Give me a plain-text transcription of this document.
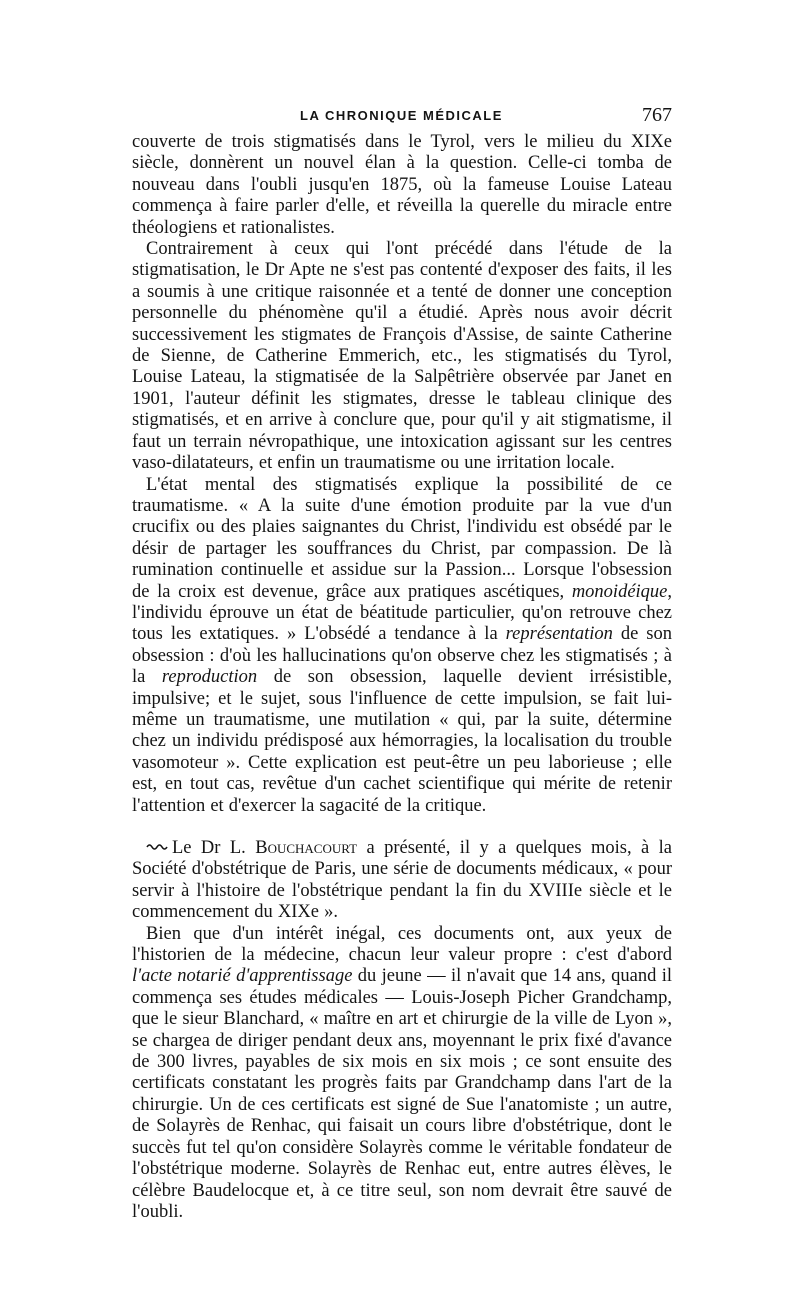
LA CHRONIQUE MÉDICALE	767

couverte de trois stigmatisés dans le Tyrol, vers le milieu du XIXe siècle, donnèrent un nouvel élan à la question. Celle-ci tomba de nouveau dans l'oubli jusqu'en 1875, où la fameuse Louise Lateau commença à faire parler d'elle, et réveilla la querelle du miracle entre théologiens et rationalistes.

Contrairement à ceux qui l'ont précédé dans l'étude de la stigmatisation, le Dr Apte ne s'est pas contenté d'exposer des faits, il les a soumis à une critique raisonnée et a tenté de donner une conception personnelle du phénomène qu'il a étudié. Après nous avoir décrit successivement les stigmates de François d'Assise, de sainte Catherine de Sienne, de Catherine Emmerich, etc., les stigmatisés du Tyrol, Louise Lateau, la stigmatisée de la Salpêtrière observée par Janet en 1901, l'auteur définit les stigmates, dresse le tableau clinique des stigmatisés, et en arrive à conclure que, pour qu'il y ait stigmatisme, il faut un terrain névropathique, une intoxication agissant sur les centres vaso-dilatateurs, et enfin un traumatisme ou une irritation locale.

L'état mental des stigmatisés explique la possibilité de ce traumatisme. « A la suite d'une émotion produite par la vue d'un crucifix ou des plaies saignantes du Christ, l'individu est obsédé par le désir de partager les souffrances du Christ, par compassion. De là rumination continuelle et assidue sur la Passion... Lorsque l'obsession de la croix est devenue, grâce aux pratiques ascétiques, monoidéique, l'individu éprouve un état de béatitude particulier, qu'on retrouve chez tous les extatiques. » L'obsédé a tendance à la représentation de son obsession : d'où les hallucinations qu'on observe chez les stigmatisés ; à la reproduction de son obsession, laquelle devient irrésistible, impulsive; et le sujet, sous l'influence de cette impulsion, se fait lui-même un traumatisme, une mutilation « qui, par la suite, détermine chez un individu prédisposé aux hémorragies, la localisation du trouble vasomoteur ». Cette explication est peut-être un peu laborieuse ; elle est, en tout cas, revêtue d'un cachet scientifique qui mérite de retenir l'attention et d'exercer la sagacité de la critique.

Le Dr L. Bouchacourt a présenté, il y a quelques mois, à la Société d'obstétrique de Paris, une série de documents médicaux, « pour servir à l'histoire de l'obstétrique pendant la fin du XVIIIe siècle et le commencement du XIXe ».

Bien que d'un intérêt inégal, ces documents ont, aux yeux de l'historien de la médecine, chacun leur valeur propre : c'est d'abord l'acte notarié d'apprentissage du jeune — il n'avait que 14 ans, quand il commença ses études médicales — Louis-Joseph Picher Grandchamp, que le sieur Blanchard, « maître en art et chirurgie de la ville de Lyon », se chargea de diriger pendant deux ans, moyennant le prix fixé d'avance de 300 livres, payables de six mois en six mois ; ce sont ensuite des certificats constatant les progrès faits par Grandchamp dans l'art de la chirurgie. Un de ces certificats est signé de Sue l'anatomiste ; un autre, de Solayrès de Renhac, qui faisait un cours libre d'obstétrique, dont le succès fut tel qu'on considère Solayrès comme le véritable fondateur de l'obstétrique moderne. Solayrès de Renhac eut, entre autres élèves, le célèbre Baudelocque et, à ce titre seul, son nom devrait être sauvé de l'oubli.
